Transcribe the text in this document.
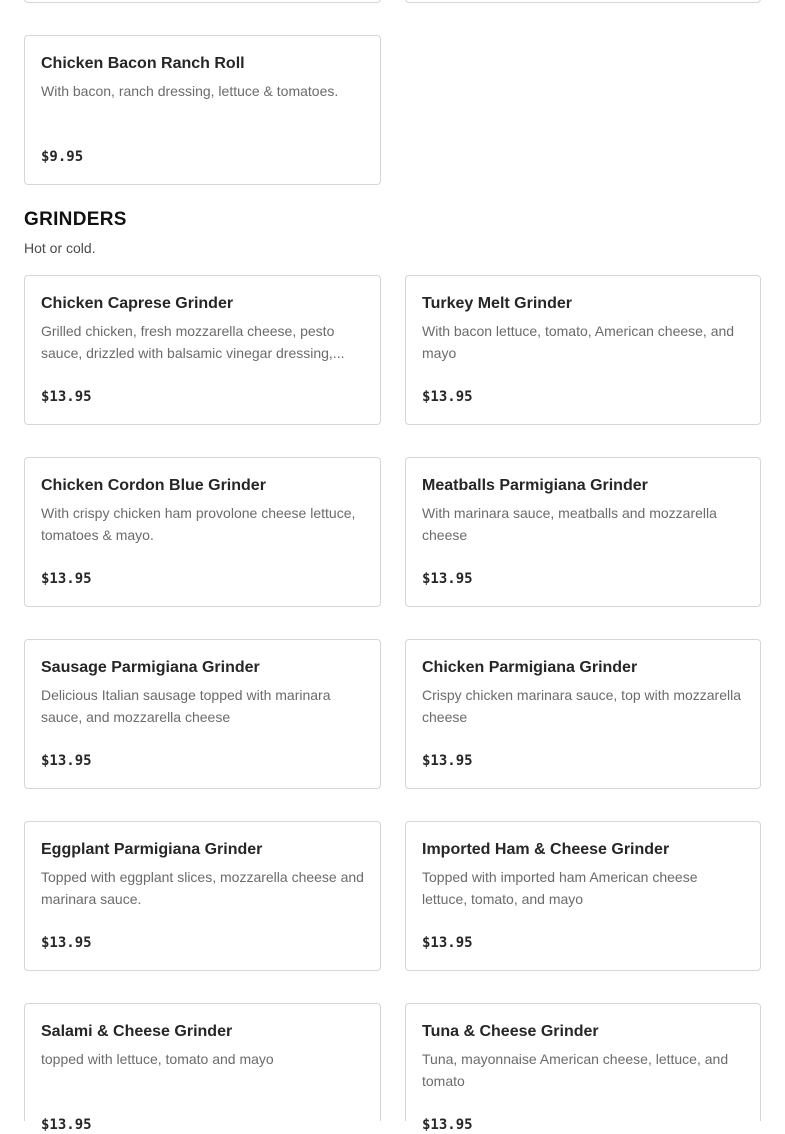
Chicken Bacon Ranch Roll
With bacon, ranch dressing, lettuce & tomatoes.
$9.95
GRINDERS
Hot or cold.
Chicken Caprese Grinder
Grilled chicken, fresh mozzarella cheese, pesto sauce, drizzled with balsamic vinegar dressing,...
$13.95
Turkey Melt Grinder
With bacon lettuce, tomato, American cheese, and mayo
$13.95
Chicken Cordon Blue Grinder
With crispy chicken ham provolone cheese lettuce, tomatoes & mayo.
$13.95
Meatballs Parmigiana Grinder
With marinara sauce, meatballs and mozzarella cheese
$13.95
Sausage Parmigiana Grinder
Delicious Italian sausage topped with marinara sauce, and mozzarella cheese
$13.95
Chicken Parmigiana Grinder
Crispy chicken marinara sauce, top with mozzarella cheese
$13.95
Eggplant Parmigiana Grinder
Topped with eggplant slices, mozzarella cheese and marinara sauce.
$13.95
Imported Ham & Cheese Grinder
Topped with imported ham American cheese lettuce, tomato, and mayo
$13.95
Salami & Cheese Grinder
topped with lettuce, tomato and mayo
$13.95
Tuna & Cheese Grinder
Tuna, mayonnaise American cheese, lettuce, and tomato
$13.95
